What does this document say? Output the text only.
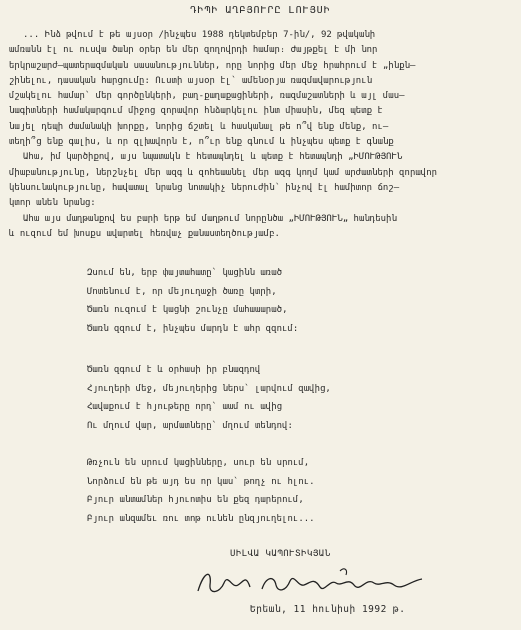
ԴԻՊԻ ԱՂԲՅՈՒՐԸ ԼՈՒՅՍԻ

... Ինձ թվում է թե այսօր /ինչպես 1988 դեկտեմբեր 7-ին/, 92 թվականի

ամռանն էլ ու ուսվա ծանր օրեր են մեր զողովրդի համար։ Ժայթքել է մի նոր

երկրաշարժ–պատերազմական սասանություններ, որը նորից մեր մեջ հրահրում է „ինքն–

շինելու, դասական հարցումը: Ուստի այսօր էլ` ամենօրյա ռազմավարություն

մշակելու համար` մեր գործընկերի, բաղ-քաղաքացիների, ռազմաշատների և այլ մաս–

նագիտների համակարգում միջոց զորավոր հնձարկելու ինտ միասին, մեզ պետք է

նայել դեպի ժամանակի խորքը, նորից ճշտել և հասկանալ թե ո՞վ ենք մենք, ու–

տեղի՞ց ենք գալիս, և որ զլխավորն է, ո՞ւր ենք գնում և ինչպես պետք է գնանք

Ահա, իմ կարծիքով, այս նպատակն է հետապնդել և պետք է հետապնդի „ԻՄՈՒԹՅՈՒՆ

միաբանությունը, ներշնչել մեր ազգ և զոհեաանել մեր ազգ կողմ կամ արժատների զորավոր

կենսունակությունը, հավատալ նրանց նոտակիչ ներուժին՝ ինչով էլ համիտոր ճոշ–

կտոր անեն նրանց:

Ահա այս մաղթանքով ես բարի երթ եմ մաղթում նորընծա „ԻՄՈՒԹՅՈՒՆ„ հանդեսին

և ուզում եմ խոսքս ավարտել հեռվաչ քանաստեղծությամբ.

Զսում են, երբ փայտահատը` կացինն առած

Մոտենում է, որ մեյուղաջի ծառը կտրի,

Ծառն ուզում է կացնի շունչը մահաաարած,

Ծառն զզում է, ինչպես մարդն է ահր զզում:

Ծառն զգում է և օրհասի իր բնազդով

Հյուղերի մեջ, մեյուղերից ներս` լարվում զավից,

Հավաքում է հյութերը որդ` աամ ու ավից

Ու մղում վար, արմատները` մղում տենդով:

Թռչուն են սրում կացինները, սուր են սրում,

Նորձում են թե այդ ես որ կաս` թողչ ու հլու.

Բյուր անտամներ հյուոտիս են քեզ դարերում,

Բյուր անզամեւ ռու տոթ ունեն ընզյուղելու...

ՍԻԼՎԱ ԿԱՊՈՒՏԻԿՅԱՆ
Երեան, 11 հունիսի 1992 թ.
